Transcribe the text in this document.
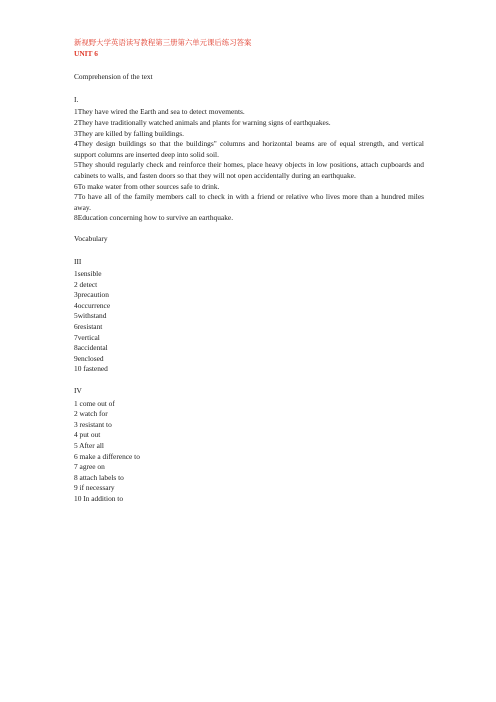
新视野大学英语读写教程第三册第六单元课后练习答案

UNIT 6

Comprehension of the text

I.

1They have wired the Earth and sea to detect movements.

2They have traditionally watched animals and plants for warning signs of earthquakes.

3They are killed by falling buildings.

4They design buildings so that the buildings" columns and horizontal beams are of equal strength, and vertical support columns are inserted deep into solid soil.

5They should regularly check and reinforce their homes, place heavy objects in low positions, attach cupboards and cabinets to walls, and fasten doors so that they will not open accidentally during an earthquake.

6To make water from other sources safe to drink.

7To have all of the family members call to check in with a friend or relative who lives more than a hundred miles away.

8Education concerning how to survive an earthquake.

Vocabulary

III

1sensible
2 detect
3precaution
4occurrence
5withstand
6resistant
7vertical
8accidental
9enclosed
10 fastened

IV

1 come out of
2 watch for
3 resistant to
4 put out
5 After all
6 make a difference to
7 agree on
8 attach labels to
9 if necessary
10 In addition to
